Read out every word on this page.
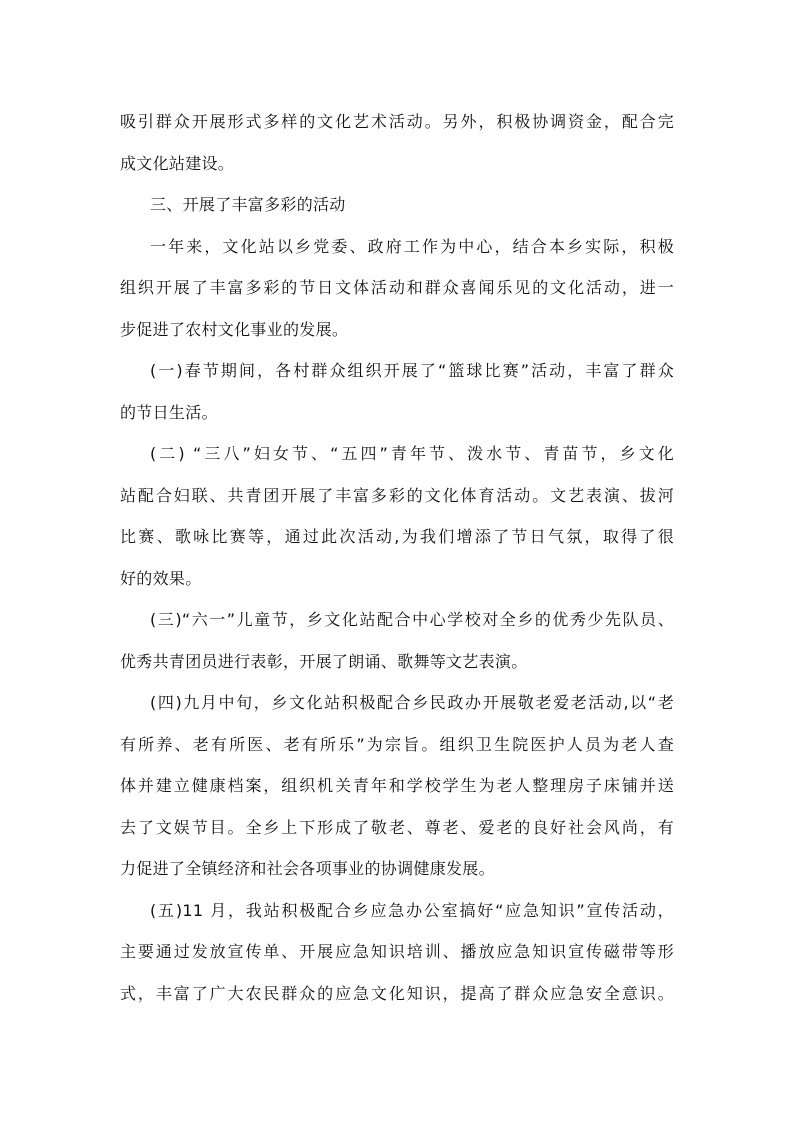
吸引群众开展形式多样的文化艺术活动。另外，积极协调资金，配合完
成文化站建设。
三、开展了丰富多彩的活动
一年来，文化站以乡党委、政府工作为中心，结合本乡实际，积极
组织开展了丰富多彩的节日文体活动和群众喜闻乐见的文化活动，进一
步促进了农村文化事业的发展。
(一)春节期间，各村群众组织开展了“篮球比赛”活动，丰富了群众
的节日生活。
(二) “三八”妇女节、“五四”青年节、泼水节、青苗节，乡文化
站配合妇联、共青团开展了丰富多彩的文化体育活动。文艺表演、拔河
比赛、歌咏比赛等，通过此次活动,为我们增添了节日气氛，取得了很
好的效果。
(三)“六一”儿童节，乡文化站配合中心学校对全乡的优秀少先队员、
优秀共青团员进行表彰，开展了朗诵、歌舞等文艺表演。
(四)九月中旬，乡文化站积极配合乡民政办开展敬老爱老活动,以“老
有所养、老有所医、老有所乐”为宗旨。组织卫生院医护人员为老人查
体并建立健康档案，组织机关青年和学校学生为老人整理房子床铺并送
去了文娱节目。全乡上下形成了敬老、尊老、爱老的良好社会风尚，有
力促进了全镇经济和社会各项事业的协调健康发展。
(五)11 月，我站积极配合乡应急办公室搞好“应急知识”宣传活动，
主要通过发放宣传单、开展应急知识培训、播放应急知识宣传磁带等形
式，丰富了广大农民群众的应急文化知识，提高了群众应急安全意识。
